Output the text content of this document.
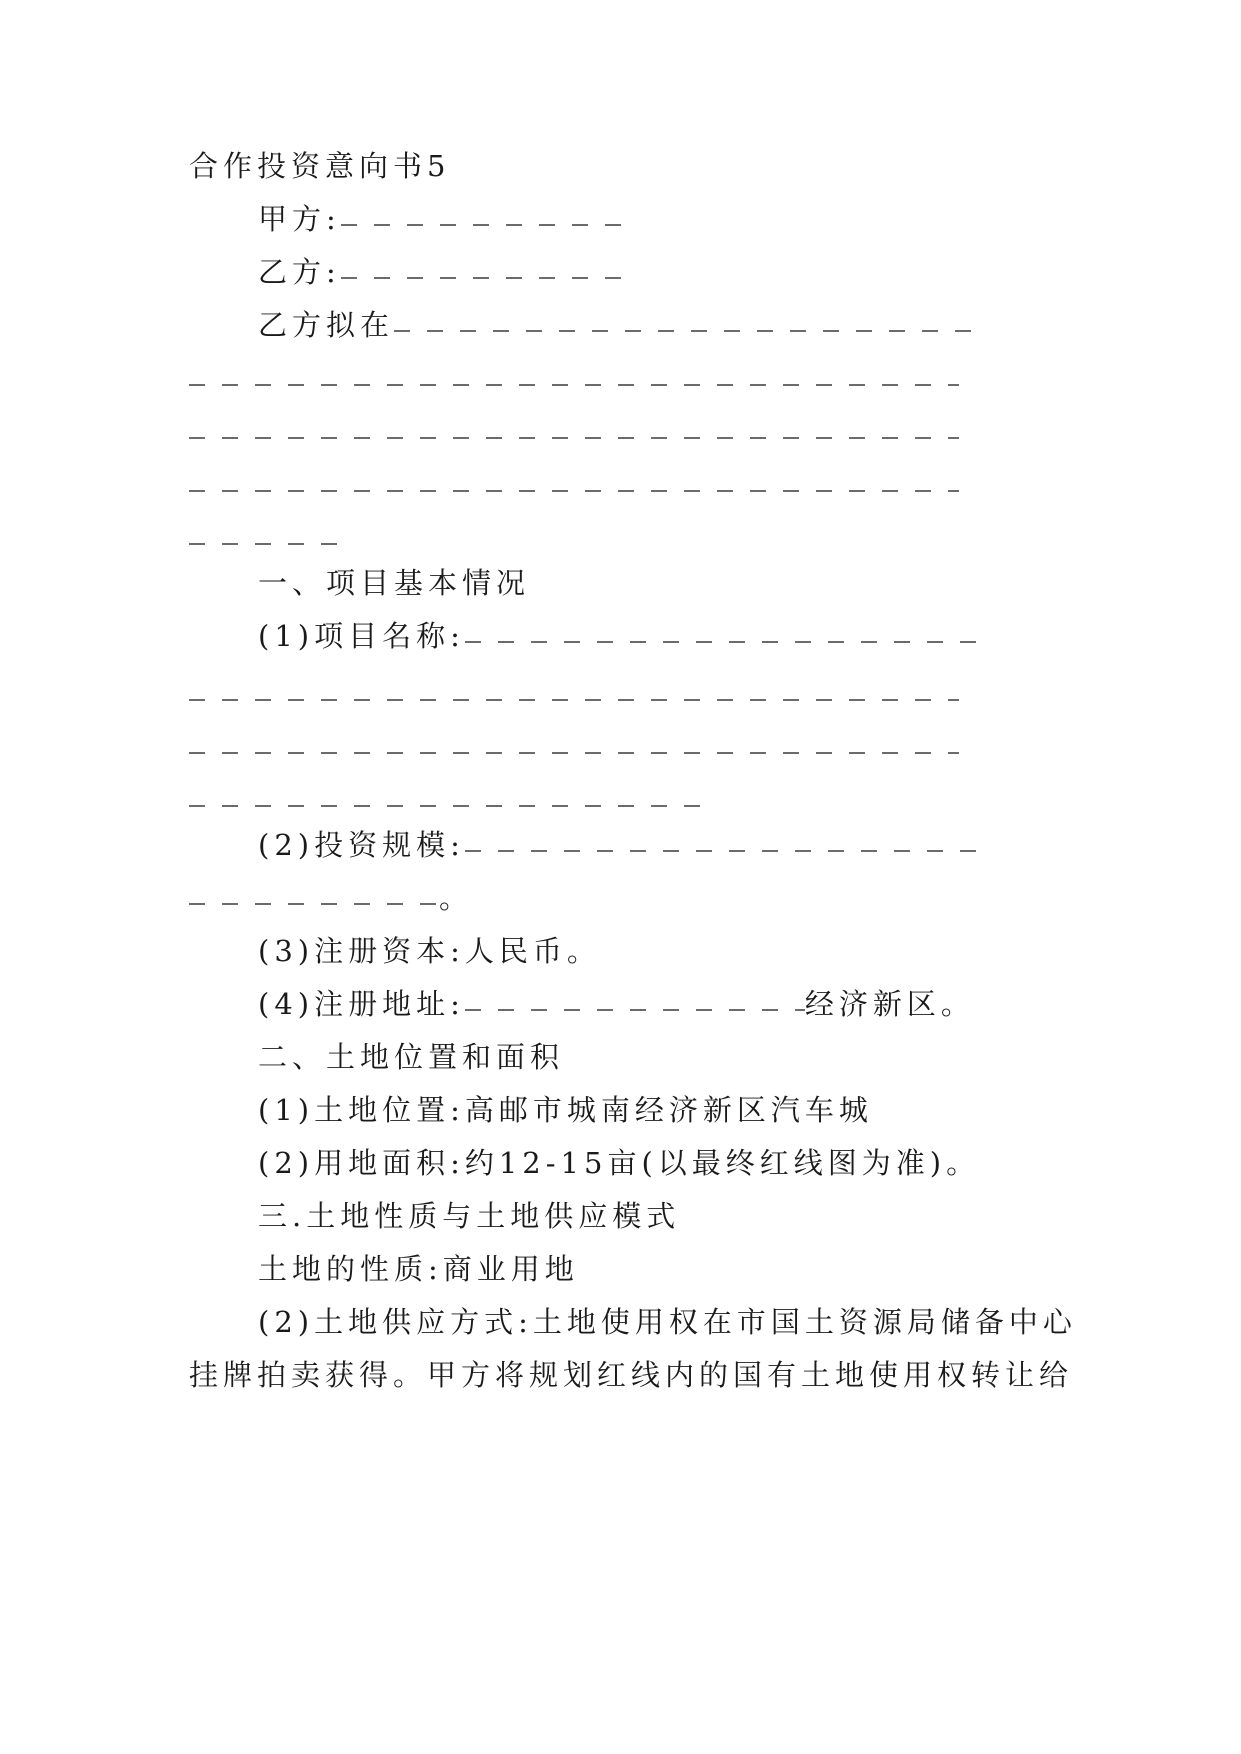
合作投资意向书5
甲方:
乙方:
乙方拟在
一、项目基本情况
(1)项目名称:
(2)投资规模:
。
(3)注册资本:人民币。
(4)注册地址:	经济新区。
二、土地位置和面积
(1)土地位置:高邮市城南经济新区汽车城
(2)用地面积:约12-15亩(以最终红线图为准)。
三.土地性质与土地供应模式
土地的性质:商业用地
(2)土地供应方式:土地使用权在市国土资源局储备中心
挂牌拍卖获得。甲方将规划红线内的国有土地使用权转让给
